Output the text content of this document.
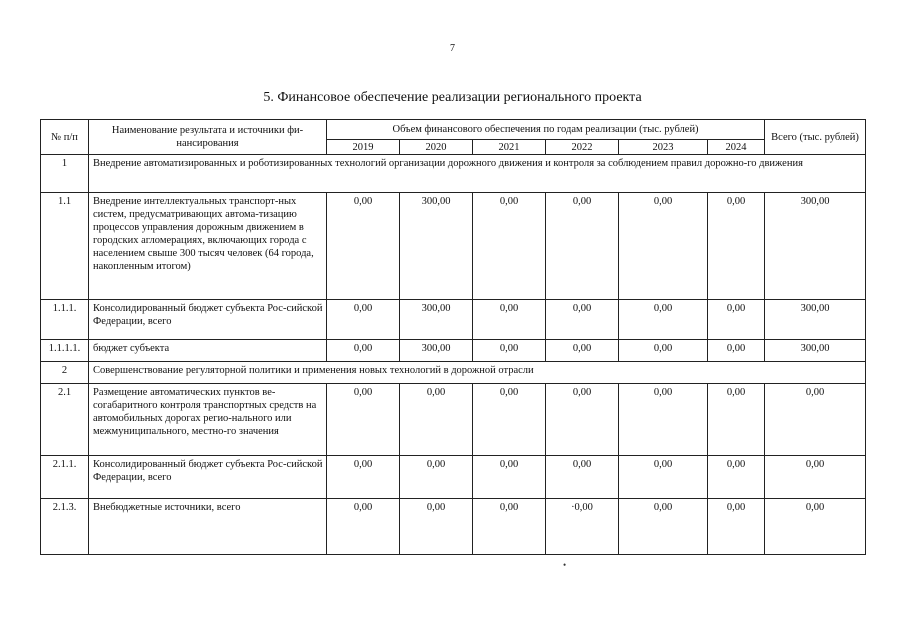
7
5. Финансовое обеспечение реализации регионального проекта
№ п/п	Наименование результата и источники фи-нансирования	Объем финансового обеспечения по годам реализации (тыс. рублей)						Всего (тыс. рублей)
		2019	2020	2021	2022	2023	2024	
1	Внедрение автоматизированных и роботизированных технологий организации дорожного движения и контроля за соблюдением правил дорожно-го движения							
1.1	Внедрение интеллектуальных транспорт-ных систем, предусматривающих автома-тизацию процессов управления дорожным движением в городских агломерациях, включающих города с населением свыше 300 тысяч человек (64 города, накопленным итогом)	0,00	300,00	0,00	0,00	0,00	0,00	300,00
1.1.1.	Консолидированный бюджет субъекта Рос-сийской Федерации, всего	0,00	300,00	0,00	0,00	0,00	0,00	300,00
1.1.1.1.	бюджет субъекта	0,00	300,00	0,00	0,00	0,00	0,00	300,00
2	Совершенствование регуляторной политики и применения новых технологий в дорожной отрасли							
2.1	Размещение автоматических пунктов ве-согабаритного контроля транспортных средств на автомобильных дорогах регио-нального или межмуниципального, местно-го значения	0,00	0,00	0,00	0,00	0,00	0,00	0,00
2.1.1.	Консолидированный бюджет субъекта Рос-сийской Федерации, всего	0,00	0,00	0,00	0,00	0,00	0,00	0,00
2.1.3.	Внебюджетные источники, всего	0,00	0,00	0,00	·0,00	0,00	0,00	0,00
•
